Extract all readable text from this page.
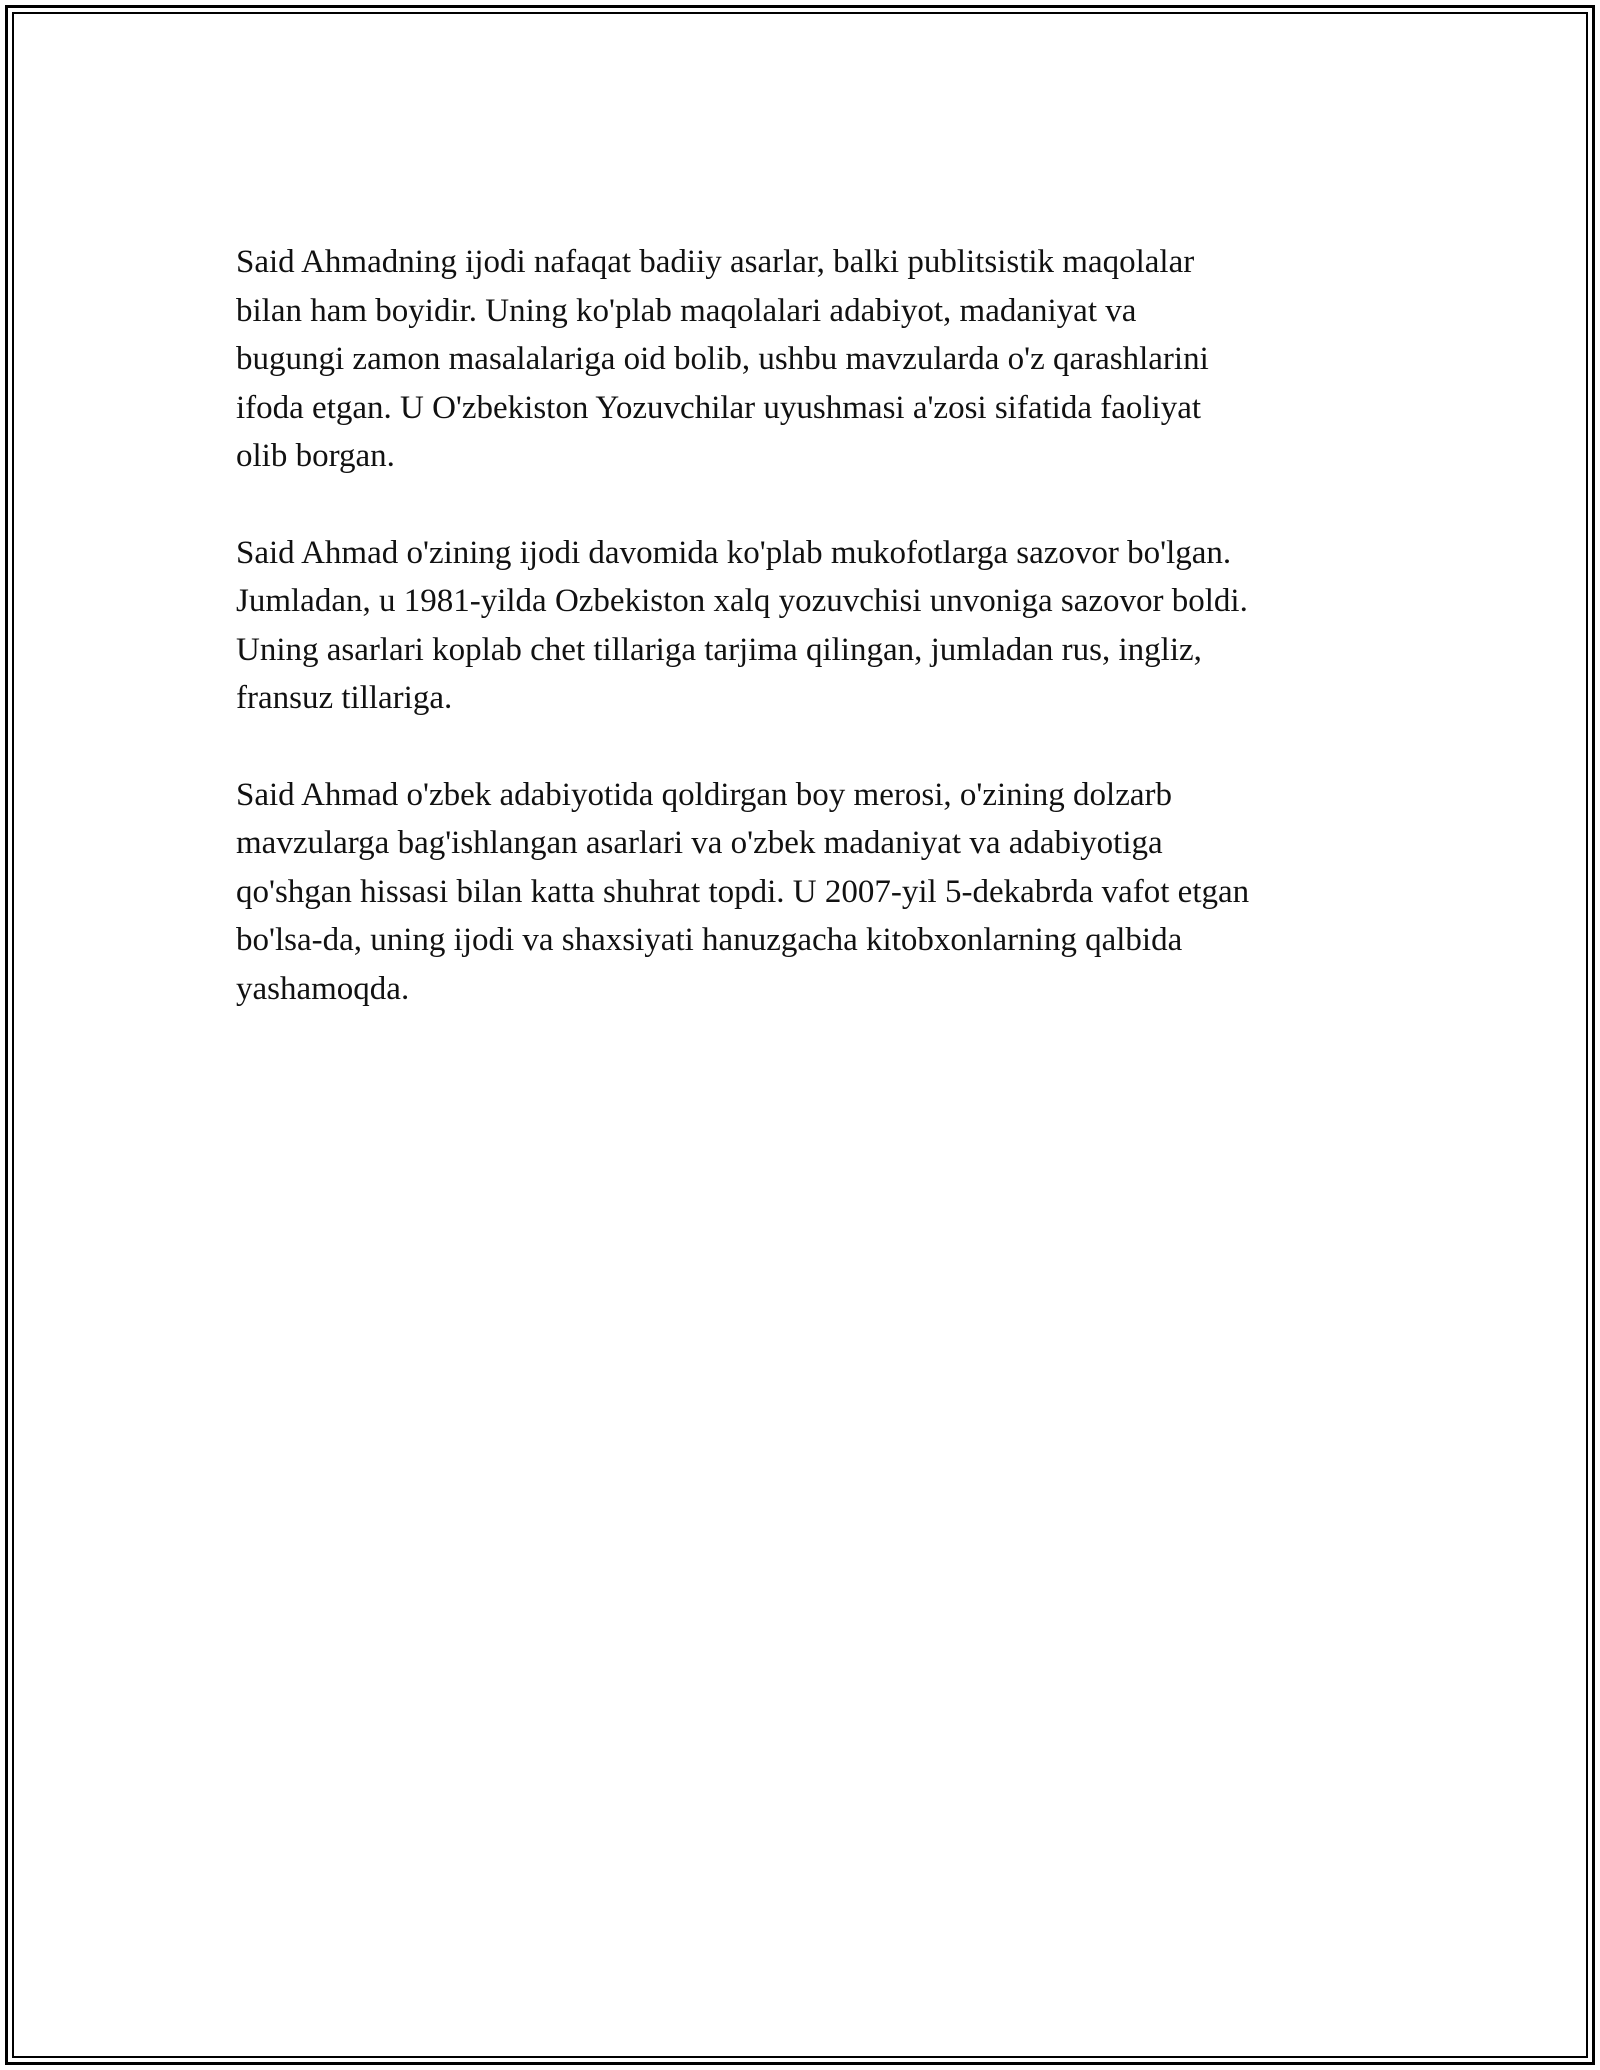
Said Ahmadning ijodi nafaqat badiiy asarlar, balki publitsistik maqolalar
bilan ham boyidir. Uning ko'plab maqolalari adabiyot, madaniyat va
bugungi zamon masalalariga oid bolib, ushbu mavzularda o'z qarashlarini
ifoda etgan. U O'zbekiston Yozuvchilar uyushmasi a'zosi sifatida faoliyat
olib borgan.

Said Ahmad o'zining ijodi davomida ko'plab mukofotlarga sazovor bo'lgan.
Jumladan, u 1981-yilda Ozbekiston xalq yozuvchisi unvoniga sazovor boldi.
Uning asarlari koplab chet tillariga tarjima qilingan, jumladan rus, ingliz,
fransuz tillariga.

Said Ahmad o'zbek adabiyotida qoldirgan boy merosi, o'zining dolzarb
mavzularga bag'ishlangan asarlari va o'zbek madaniyat va adabiyotiga
qo'shgan hissasi bilan katta shuhrat topdi. U 2007-yil 5-dekabrda vafot etgan
bo'lsa-da, uning ijodi va shaxsiyati hanuzgacha kitobxonlarning qalbida
yashamoqda.
